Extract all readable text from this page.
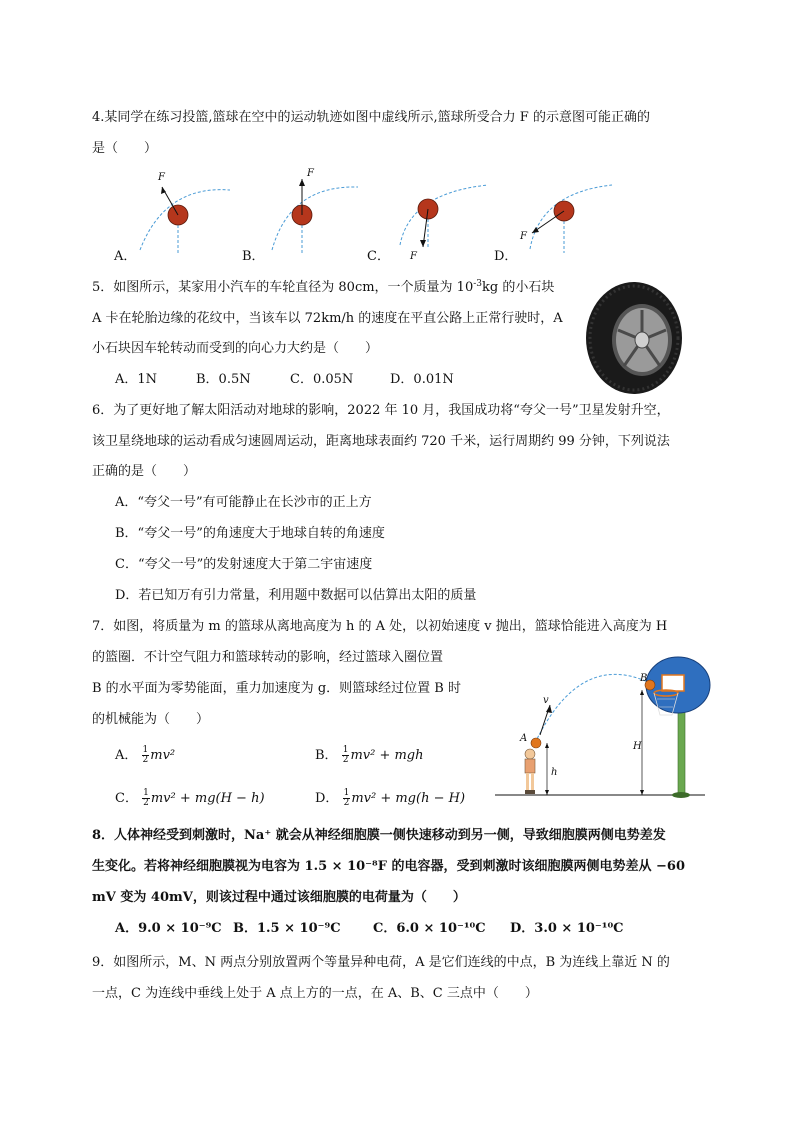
4.某同学在练习投篮,篮球在空中的运动轨迹如图中虚线所示,篮球所受合力 F 的示意图可能正确的
是（　　）
F
A．
F
B．	F
C．
F
D．
5．如图所示，某家用小汽车的车轮直径为 80cm，一个质量为 $10^{-3}kg$ 的小石块
A 卡在轮胎边缘的花纹中，当该车以 72km/h 的速度在平直公路上正常行驶时，A
小石块因车轮转动而受到的向心力大约是（　　）
A．1N	B．0.5N	C．0.05N	D．0.01N
6．为了更好地了解太阳活动对地球的影响，2022 年 10 月，我国成功将“夸父一号”卫星发射升空，
该卫星绕地球的运动看成匀速圆周运动，距离地球表面约 720 千米，运行周期约 99 分钟，下列说法
正确的是（　　）
A．“夸父一号”有可能静止在长沙市的正上方
B．“夸父一号”的角速度大于地球自转的角速度
C．“夸父一号”的发射速度大于第二宇宙速度
D．若已知万有引力常量，利用题中数据可以估算出太阳的质量
7．如图，将质量为 m 的篮球从离地高度为 h 的 A 处，以初始速度 v 抛出，篮球恰能进入高度为 H
的篮圈．不计空气阻力和篮球转动的影响，经过篮球入圈位置
B 的水平面为零势能面，重力加速度为 g．则篮球经过位置 B 时
的机械能为（　　）
A． $\frac{1}{2} mv^2$	B． $\frac{1}{2} mv^2$ + mgh
C． $\frac{1}{2} mv^2 + mg(H - h)$	D． $\frac{1}{2} mv^2 + mg(h - H)$
v
A
h
H
B
8．人体神经受到刺激时，Na⁺ 就会从神经细胞膜一侧快速移动到另一侧，导致细胞膜两侧电势差发
生变化。若将神经细胞膜视为电容为 1.5 × 10⁻⁸F 的电容器，受到刺激时该细胞膜两侧电势差从 −60
mV 变为 40mV，则该过程中通过该细胞膜的电荷量为（　　）
A．9.0 × 10⁻⁹C B．1.5 × 10⁻⁹C C．6.0 × 10⁻¹⁰C D．3.0 × 10⁻¹⁰C
9．如图所示，M、N 两点分别放置两个等量异种电荷，A 是它们连线的中点，B 为连线上靠近 N 的
一点，C 为连线中垂线上处于 A 点上方的一点，在 A、B、C 三点中（　　）
